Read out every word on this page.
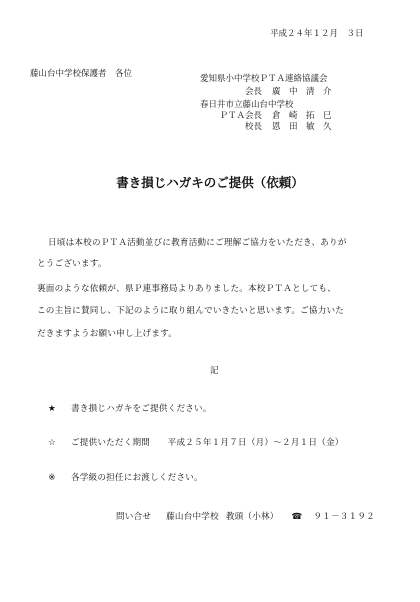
平成２４年１２月　３日
藤山台中学校保護者　各位	愛知県小中学校ＰＴＡ連絡協議会
会長	廣　中　清　介
春日井市立藤山台中学校
ＰＴＡ会長	倉　崎　拓　巳
校長	恩　田　敏　久
書き損じハガキのご提供（依頼）
日頃は本校のＰＴＡ活動並びに教育活動にご理解ご協力をいただき、ありが
とうございます。
裏面のような依頼が、県Ｐ連事務局よりありました。本校ＰＴＡとしても、
この主旨に賛同し、下記のように取り組んでいきたいと思います。ご協力いた
だきますようお願い申し上げます。
記
★ 書き損じハガキをご提供ください。
☆ ご提供いただく期間　　平成２５年１月７日（月）～２月１日（金）
※ 各学級の担任にお渡しください。
問い合せ 藤山台中学校 教頭（小林） ☎ ９１－３１９２
